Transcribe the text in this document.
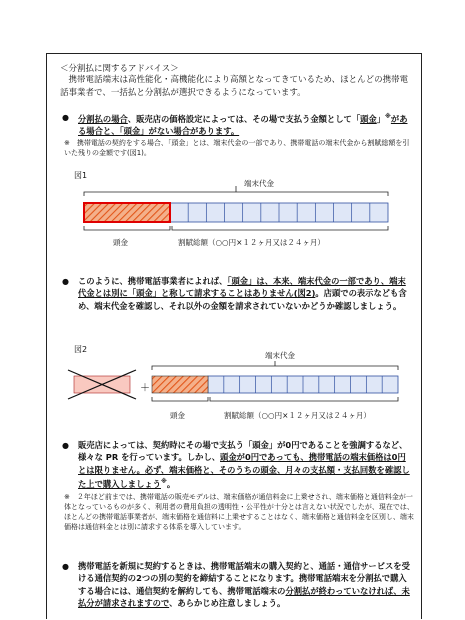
＜分割払に関するアドバイス＞
　携帯電話端末は高性能化・高機能化により高額となってきているため、ほとんどの携帯電話事業者で、一括払と分割払が選択できるようになっています。
● 分割払の場合、販売店の価格設定によっては、その場で支払う金額として「頭金」※がある場合と、「頭金」がない場合があります。
※　携帯電話の契約をする場合、「頭金」とは、端末代金の一部であり、携帯電話の端末代金から割賦総額を引いた残りの金額です(図1)。
図1
端末代金
頭金	割賦総額（○○円×１２ヶ月又は２４ヶ月）
● このように、携帯電話事業者によれば、「頭金」は、本来、端末代金の一部であり、端末代金とは別に「頭金」と称して請求することはありません(図2)。店頭での表示なども含め、端末代金を確認し、それ以外の金額を請求されていないかどうか確認しましょう。
図2
端末代金
＋
頭金	割賦総額（○○円×１２ヶ月又は２４ヶ月）
● 販売店によっては、契約時にその場で支払う「頭金」が0円であることを強調するなど、様々な PR を行っています。しかし、頭金が0円であっても、携帯電話の端末価格は0円とは限りません。必ず、端末価格と、そのうちの頭金、月々の支払額・支払回数を確認した上で購入しましょう※。
※　２年ほど前までは、携帯電話の販売モデルは、端末価格が通信料金に上乗せされ、端末価格と通信料金が一体となっているものが多く、利用者の費用負担の透明性・公平性が十分とは言えない状況でしたが、現在では、ほとんどの携帯電話事業者が、端末価格を通信料に上乗せすることはなく、端末価格と通信料金を区別し、端末価格は通信料金とは別に請求する体系を導入しています。
● 携帯電話を新規に契約するときは、携帯電話端末の購入契約と、通話・通信サービスを受ける通信契約の2つの別の契約を締結することになります。携帯電話端末を分割払で購入する場合には、通信契約を解約しても、携帯電話端末の分割払が終わっていなければ、未払分が請求されますので、あらかじめ注意しましょう。
